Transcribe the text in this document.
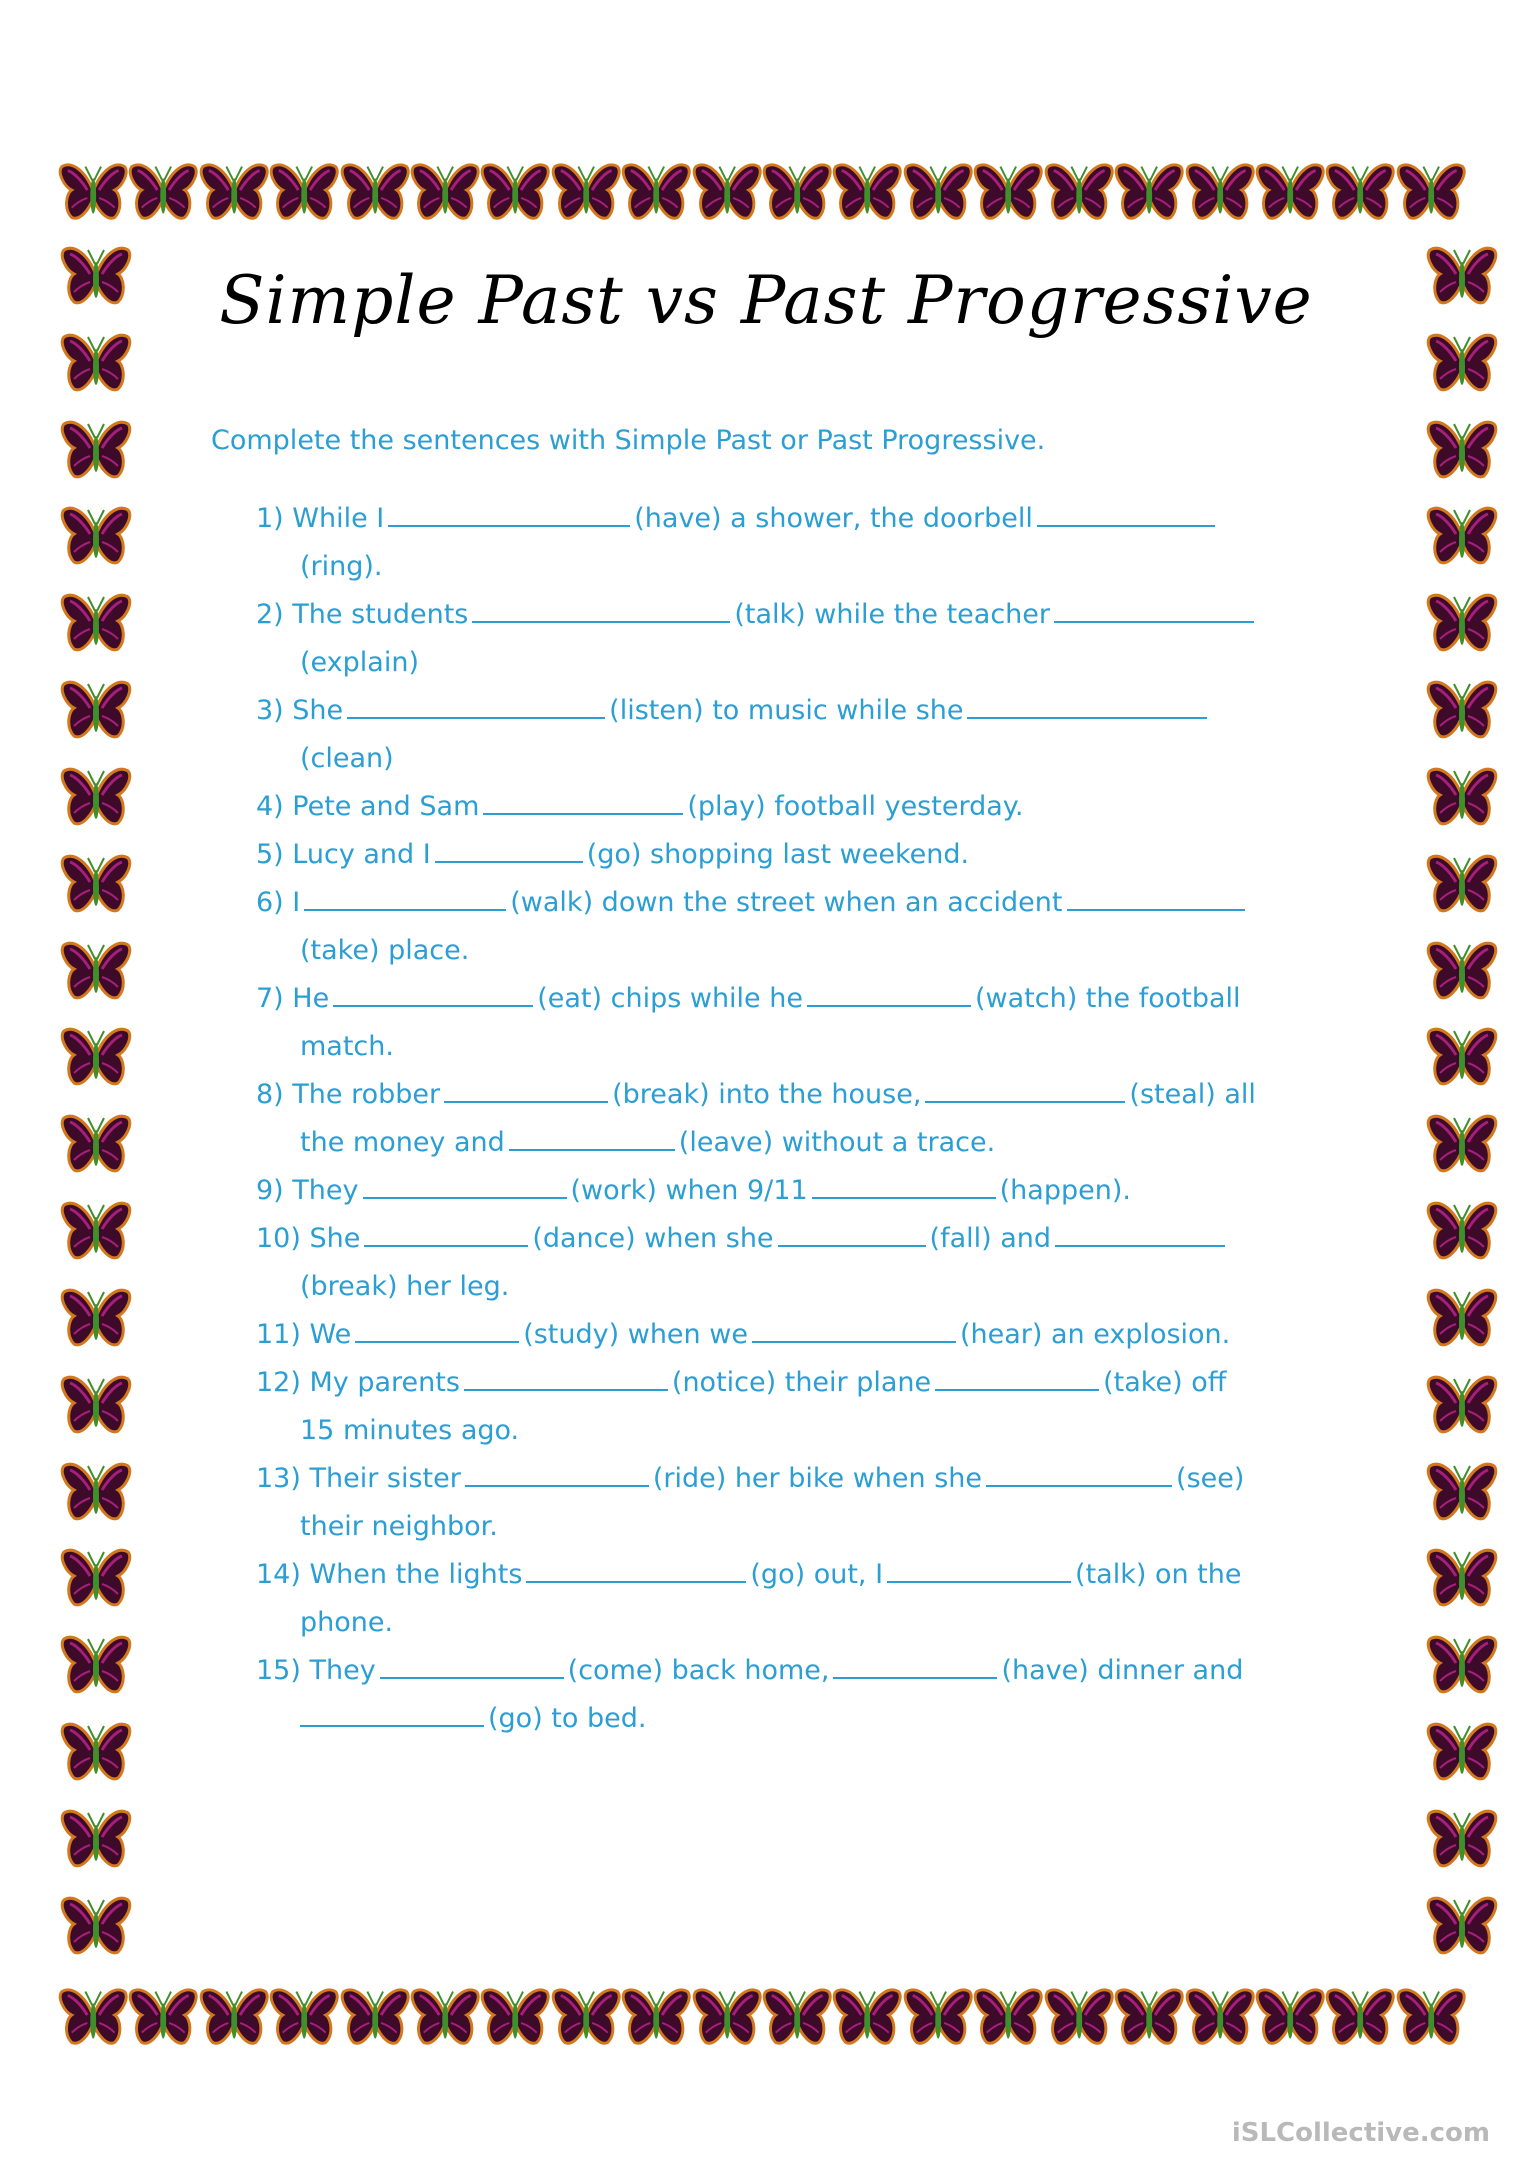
Simple Past vs Past Progressive
Complete the sentences with Simple Past or Past Progressive.
1) While I	(have) a shower, the doorbell
(ring).
2) The students	(talk) while the teacher
(explain)
3) She	(listen) to music while she
(clean)
4) Pete and Sam	(play) football yesterday.
5) Lucy and I	(go) shopping last weekend.
6) I	(walk) down the street when an accident
(take) place.
7) He	(eat) chips while he	(watch) the football
match.
8) The robber	(break) into the house,	(steal) all
the money and	(leave) without a trace.
9) They	(work) when 9/11	(happen).
10) She	(dance) when she	(fall) and
(break) her leg.
11) We	(study) when we	(hear) an explosion.
12) My parents	(notice) their plane	(take) off
15 minutes ago.
13) Their sister	(ride) her bike when she	(see)
their neighbor.
14) When the lights	(go) out, I	(talk) on the
phone.
15) They	(come) back home,	(have) dinner and
(go) to bed.
iSLCollective.com
